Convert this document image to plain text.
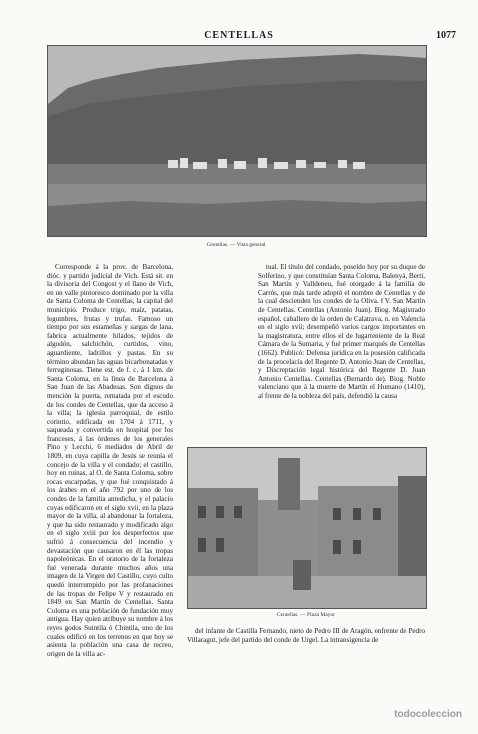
CENTELLAS	1077
Centellas. — Vista general

Corresponde á la prov. de Barcelona, dióc. y partido judicial de Vich. Está sit. en la divisoria del Congost y el llano de Vich, en un valle pintoresco dominado por la villa de Santa Coloma de Centellas, la capital del municipio. Produce trigo, maíz, patatas, legumbres, frutas y trufas. Famoso un tiempo por sus estameñas y sargas de lana, fabrica actualmente hilados, tejidos de algodón, salchichón, curtidos, vino, aguardiente, ladrillos y pastas. En su término abundan las aguas bicarbonatadas y ferruginosas. Tiene est. de f. c. á 1 km. de Santa Coloma, en la línea de Barcelona á San Juan de las Abadesas. Son dignos de mención la puerta, rematada por el escudo de los condes de Centellas, que da acceso á la villa; la iglesia parroquial, de estilo corintio, edificada en 1704 á 1711, y saqueada y convertida en hospital por los franceses, á las órdenes de los generales Pino y Lecchi, 6 mediados de Abril de 1809, en cuya capilla de Jesús se reunía el concejo de la villa y el condado; el castillo, hoy en ruinas, al O. de Santa Coloma, sobre rocas escarpadas, y que fué conquistado á los árabes en el año 792 por uno de los condes de la familia antedicha, y el palacio cuyas edificaron en el siglo xvii, en la plaza mayor de la villa, al abandonar la fortaleza, y que ha sido restaurado y modificado algo en el siglo xviii por los desperfectos que sufrió á consecuencia del incendio y devastación que causaron en él las tropas napoleónicas. En el oratorio de la fortaleza fué venerada durante muchos años una imagen de la Virgen del Castillo, cuyo culto quedó interrumpido por las profanaciones de las tropas de Felipe V y restaurado en 1849 en San Martín de Centellas. Santa Coloma es una población de fundación muy antigua. Hay quien atribuye su nombre á los reyes godos Suintila ó Chintila, uno de los cuales edificó en los terrenos en que hoy se asienta la población una casa de recreo, origen de la villa ac-

tual. El título del condado, poseído hoy por su duque de Solferino, y que constituían Santa Coloma, Balenyá, Berti, San Martín y Valldeneu, fué otorgado á la familia de Carrós, que más tarde adoptó el nombre de Centellas y de la cual descienden los condes de la Oliva. ‖ V. San Martín de Centellas. Centellas (Antonio Juan). Biog. Magistrado español, caballero de la orden de Calatrava, n. en Valencia en el siglo xvii; desempeñó varios cargos importantes en la magistratura, entre ellos el de lugarteniente de la Real Cámara de la Sumaria, y fué primer marqués de Centellas (1662). Publicó: Defensa jurídica en la posesión calificada de la procelacía del Regente D. Antonio Juan de Centellas, y Discreptación legal histórica del Regente D. Juan Antonio Centellas. Centellas (Bernardo de). Biog. Noble valenciano que á la muerte de Martín el Humano (1410), al frente de la nobleza del país, defendió la causa

Centellas. — Plaza Mayor

del infante de Castilla Fernando, nieto de Pedro III de Aragón, enfrente de Pedro Villaragut, jefe del partido del conde de Urgel. La intransigencia de

todocoleccion
